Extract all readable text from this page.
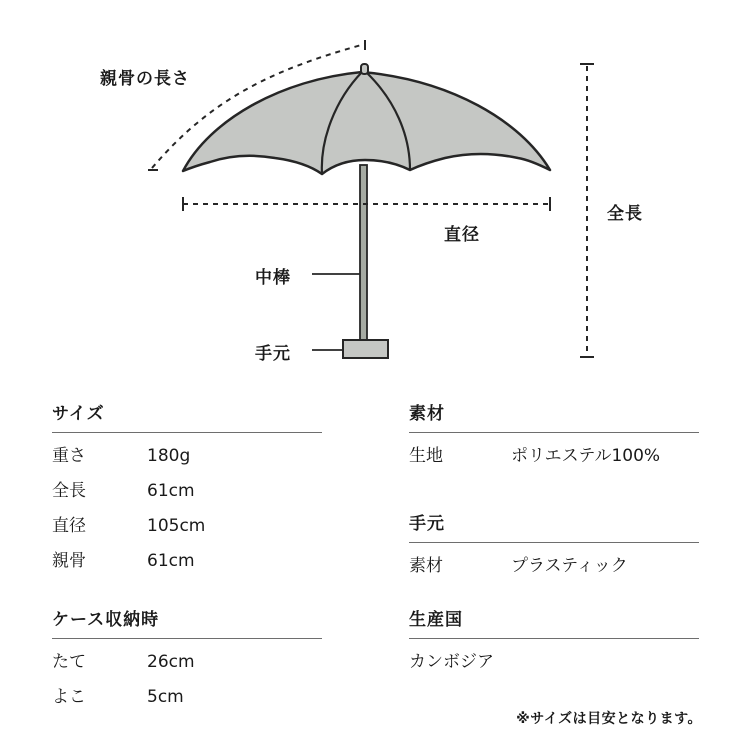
親骨の長さ
全長
直径
中棒
手元
サイズ
重さ	180g
全長	61cm
直径	105cm
親骨	61cm
ケース収納時
たて	26cm
よこ	5cm
素材
生地	ポリエステル100%
手元
素材	プラスティック
生産国
カンボジア
※サイズは目安となります。
